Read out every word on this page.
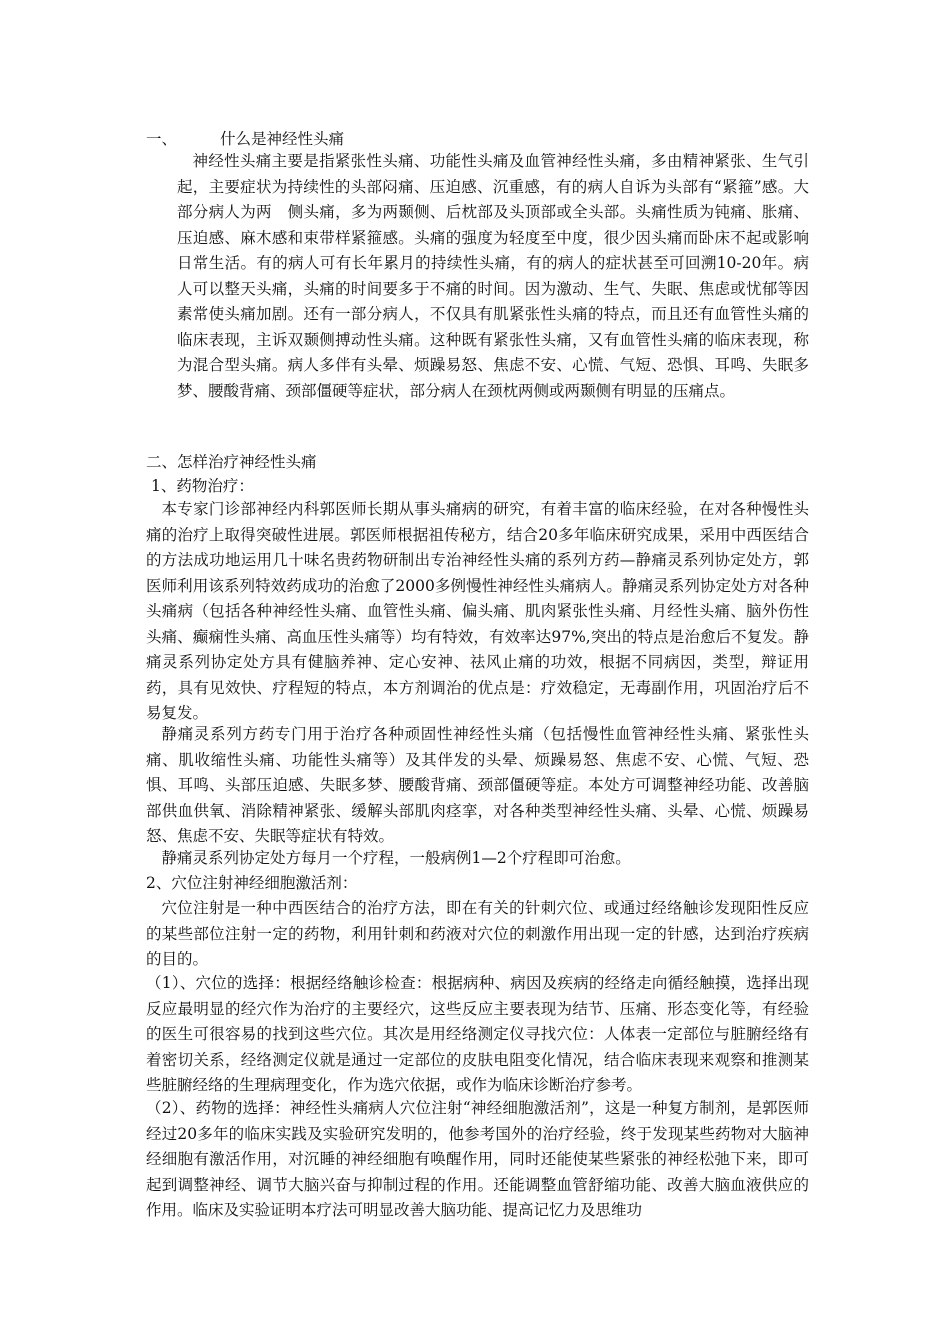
一、	什么是神经性头痛
神经性头痛主要是指紧张性头痛、功能性头痛及血管神经性头痛，多由精神紧张、生气引起，主要症状为持续性的头部闷痛、压迫感、沉重感，有的病人自诉为头部有“紧箍”感。大部分病人为两　侧头痛，多为两颞侧、后枕部及头顶部或全头部。头痛性质为钝痛、胀痛、压迫感、麻木感和束带样紧箍感。头痛的强度为轻度至中度，很少因头痛而卧床不起或影响日常生活。有的病人可有长年累月的持续性头痛，有的病人的症状甚至可回溯10-20年。病人可以整天头痛，头痛的时间要多于不痛的时间。因为激动、生气、失眠、焦虑或忧郁等因素常使头痛加剧。还有一部分病人，不仅具有肌紧张性头痛的特点，而且还有血管性头痛的临床表现，主诉双颞侧搏动性头痛。这种既有紧张性头痛，又有血管性头痛的临床表现，称为混合型头痛。病人多伴有头晕、烦躁易怒、焦虑不安、心慌、气短、恐惧、耳鸣、失眠多梦、腰酸背痛、颈部僵硬等症状，部分病人在颈枕两侧或两颞侧有明显的压痛点。
二、怎样治疗神经性头痛
1、药物治疗：
本专家门诊部神经内科郭医师长期从事头痛病的研究，有着丰富的临床经验，在对各种慢性头痛的治疗上取得突破性进展。郭医师根据祖传秘方，结合20多年临床研究成果，采用中西医结合的方法成功地运用几十味名贵药物研制出专治神经性头痛的系列方药—静痛灵系列协定处方，郭医师利用该系列特效药成功的治愈了2000多例慢性神经性头痛病人。静痛灵系列协定处方对各种头痛病（包括各种神经性头痛、血管性头痛、偏头痛、肌肉紧张性头痛、月经性头痛、脑外伤性头痛、癫痫性头痛、高血压性头痛等）均有特效，有效率达97%,突出的特点是治愈后不复发。静痛灵系列协定处方具有健脑养神、定心安神、祛风止痛的功效，根据不同病因，类型，辩证用药，具有见效快、疗程短的特点，本方剂调治的优点是：疗效稳定，无毒副作用，巩固治疗后不易复发。
静痛灵系列方药专门用于治疗各种顽固性神经性头痛（包括慢性血管神经性头痛、紧张性头痛、肌收缩性头痛、功能性头痛等）及其伴发的头晕、烦躁易怒、焦虑不安、心慌、气短、恐惧、耳鸣、头部压迫感、失眠多梦、腰酸背痛、颈部僵硬等症。本处方可调整神经功能、改善脑部供血供氧、消除精神紧张、缓解头部肌肉痉挛，对各种类型神经性头痛、头晕、心慌、烦躁易怒、焦虑不安、失眠等症状有特效。
静痛灵系列协定处方每月一个疗程，一般病例1—2个疗程即可治愈。
2、穴位注射神经细胞激活剂：
穴位注射是一种中西医结合的治疗方法，即在有关的针刺穴位、或通过经络触诊发现阳性反应的某些部位注射一定的药物，利用针刺和药液对穴位的刺激作用出现一定的针感，达到治疗疾病的目的。
（1）、穴位的选择：根据经络触诊检查：根据病种、病因及疾病的经络走向循经触摸，选择出现反应最明显的经穴作为治疗的主要经穴，这些反应主要表现为结节、压痛、形态变化等，有经验的医生可很容易的找到这些穴位。其次是用经络测定仪寻找穴位：人体表一定部位与脏腑经络有着密切关系，经络测定仪就是通过一定部位的皮肤电阻变化情况，结合临床表现来观察和推测某些脏腑经络的生理病理变化，作为选穴依据，或作为临床诊断治疗参考。
（2）、药物的选择：神经性头痛病人穴位注射“神经细胞激活剂”，这是一种复方制剂，是郭医师经过20多年的临床实践及实验研究发明的，他参考国外的治疗经验，终于发现某些药物对大脑神经细胞有激活作用，对沉睡的神经细胞有唤醒作用，同时还能使某些紧张的神经松弛下来，即可起到调整神经、调节大脑兴奋与抑制过程的作用。还能调整血管舒缩功能、改善大脑血液供应的作用。临床及实验证明本疗法可明显改善大脑功能、提高记忆力及思维功
